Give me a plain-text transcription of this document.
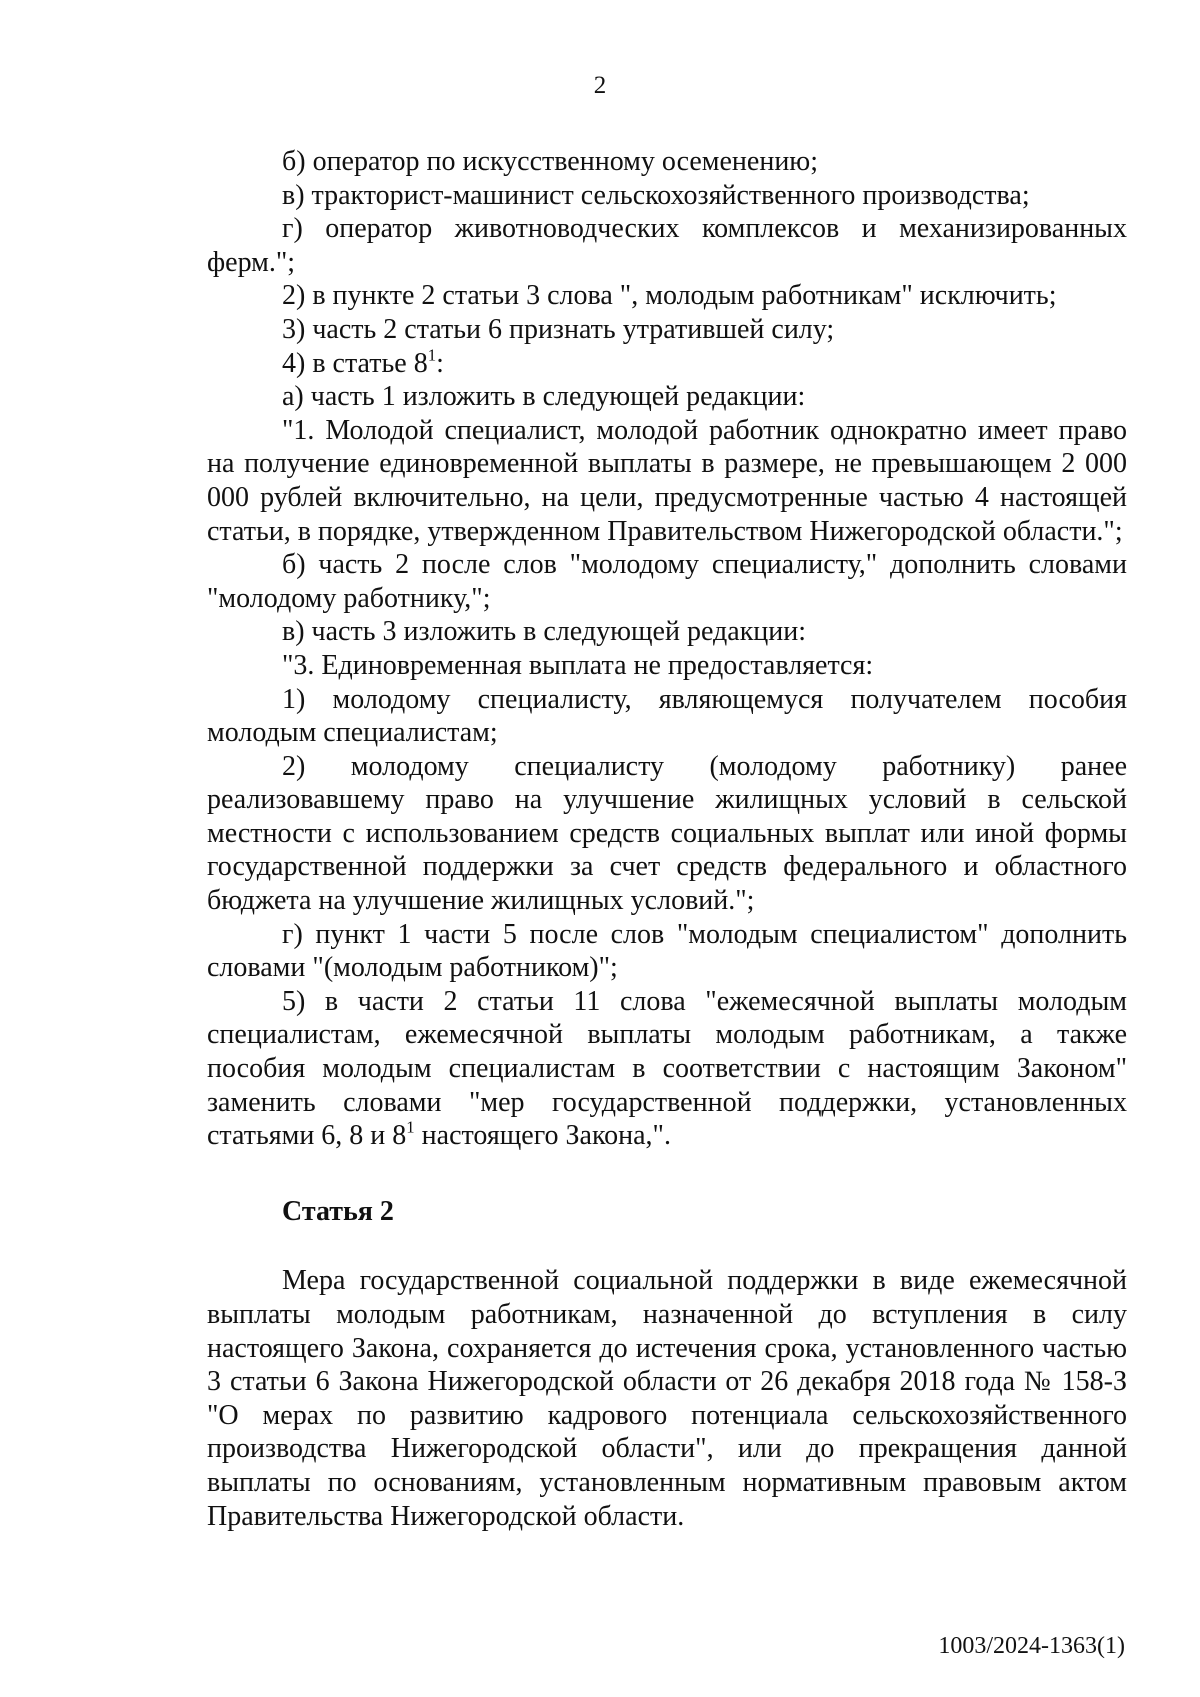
2

б) оператор по искусственному осеменению;

в) тракторист-машинист сельскохозяйственного производства;

г) оператор животноводческих комплексов и механизированных ферм.";

2) в пункте 2 статьи 3 слова ", молодым работникам" исключить;

3) часть 2 статьи 6 признать утратившей силу;

4) в статье $8^1$:

а) часть 1 изложить в следующей редакции:

"1. Молодой специалист, молодой работник однократно имеет право на получение единовременной выплаты в размере, не превышающем 2 000 000 рублей включительно, на цели, предусмотренные частью 4 настоящей статьи, в порядке, утвержденном Правительством Нижегородской области.";

б) часть 2 после слов "молодому специалисту," дополнить словами "молодому работнику,";

в) часть 3 изложить в следующей редакции:

"3. Единовременная выплата не предоставляется:

1) молодому специалисту, являющемуся получателем пособия молодым специалистам;

2) молодому специалисту (молодому работнику) ранее реализовавшему право на улучшение жилищных условий в сельской местности с использованием средств социальных выплат или иной формы государственной поддержки за счет средств федерального и областного бюджета на улучшение жилищных условий.";

г) пункт 1 части 5 после слов "молодым специалистом" дополнить словами "(молодым работником)";

5) в части 2 статьи 11 слова "ежемесячной выплаты молодым специалистам, ежемесячной выплаты молодым работникам, а также пособия молодым специалистам в соответствии с настоящим Законом" заменить словами "мер государственной поддержки, установленных статьями 6, 8 и $8^1$ настоящего Закона,".

Статья 2

Мера государственной социальной поддержки в виде ежемесячной выплаты молодым работникам, назначенной до вступления в силу настоящего Закона, сохраняется до истечения срока, установленного частью 3 статьи 6 Закона Нижегородской области от 26 декабря 2018 года № 158-З "О мерах по развитию кадрового потенциала сельскохозяйственного производства Нижегородской области", или до прекращения данной выплаты по основаниям, установленным нормативным правовым актом Правительства Нижегородской области.

1003/2024-1363(1)
